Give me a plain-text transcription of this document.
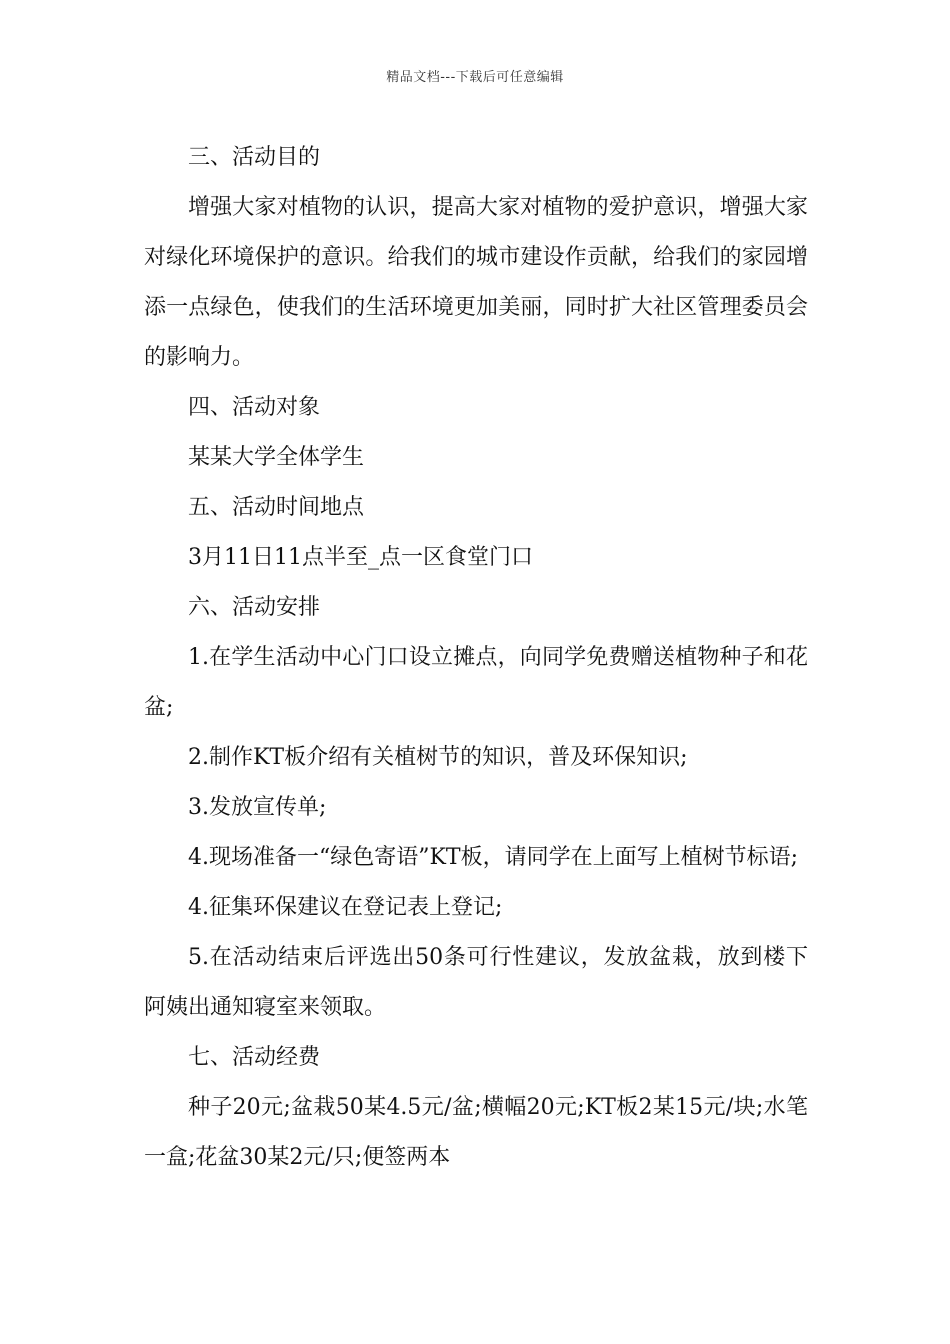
精品文档---下载后可任意编辑

三、活动目的

增强大家对植物的认识，提高大家对植物的爱护意识，增强大家对绿化环境保护的意识。给我们的城市建设作贡献，给我们的家园增添一点绿色，使我们的生活环境更加美丽，同时扩大社区管理委员会的影响力。

四、活动对象

某某大学全体学生

五、活动时间地点

3月11日11点半至_点一区食堂门口

六、活动安排

1.在学生活动中心门口设立摊点，向同学免费赠送植物种子和花盆;

2.制作KT板介绍有关植树节的知识，普及环保知识;

3.发放宣传单;

4.现场准备一“绿色寄语”KT板，请同学在上面写上植树节标语;

4.征集环保建议在登记表上登记;

5.在活动结束后评选出50条可行性建议，发放盆栽，放到楼下阿姨出通知寝室来领取。

七、活动经费

种子20元;盆栽50某4.5元/盆;横幅20元;KT板2某15元/块;水笔一盒;花盆30某2元/只;便签两本
